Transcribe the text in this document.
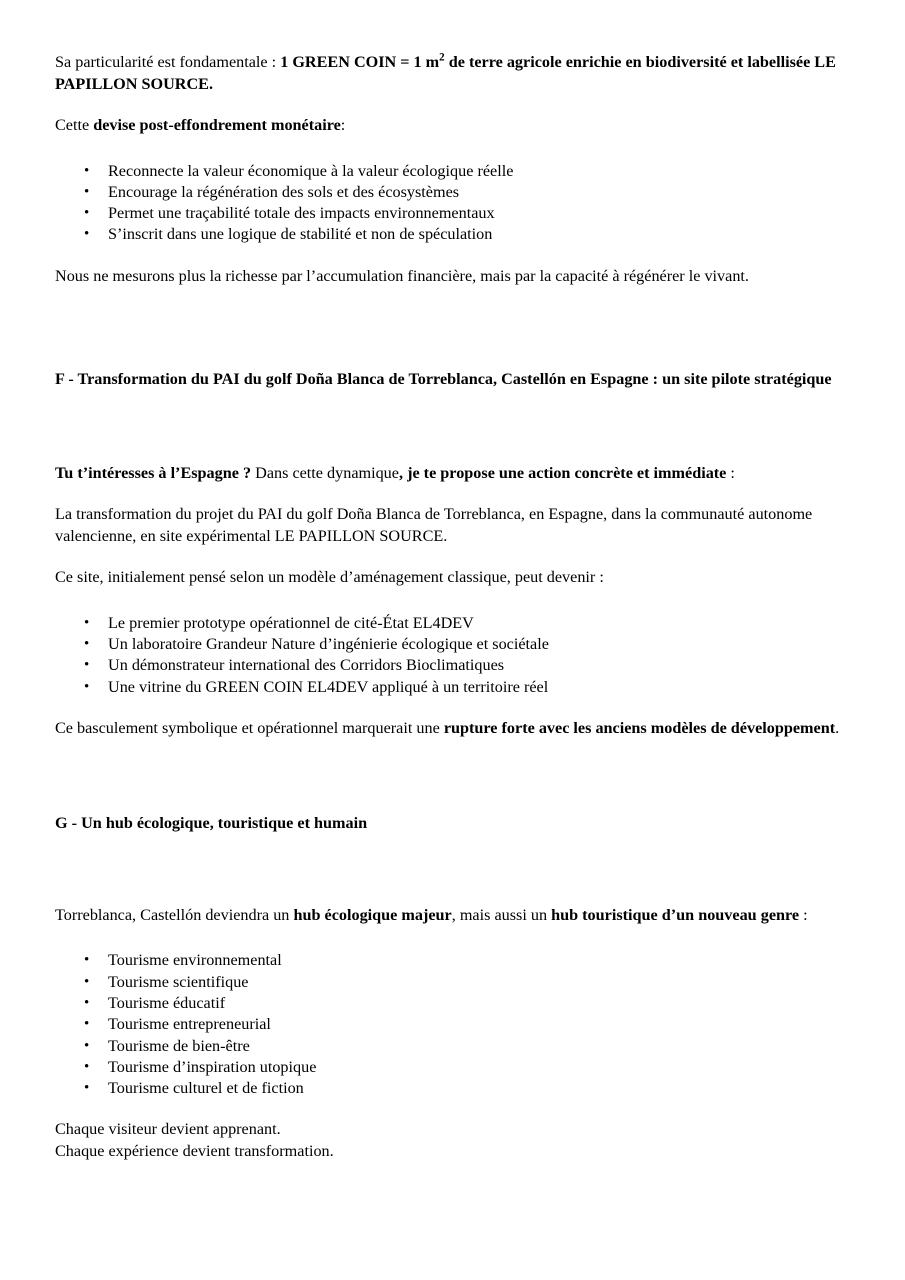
Sa particularité est fondamentale : 1 GREEN COIN = 1 $m^2$ de terre agricole enrichie en biodiversité et labellisée LE PAPILLON SOURCE.

Cette devise post-effondrement monétaire:

• Reconnecte la valeur économique à la valeur écologique réelle
• Encourage la régénération des sols et des écosystèmes
• Permet une traçabilité totale des impacts environnementaux
• S’inscrit dans une logique de stabilité et non de spéculation

Nous ne mesurons plus la richesse par l’accumulation financière, mais par la capacité à régénérer le vivant.

F - Transformation du PAI du golf Doña Blanca de Torreblanca, Castellón en Espagne : un site pilote stratégique

Tu t’intéresses à l’Espagne ? Dans cette dynamique, je te propose une action concrète et immédiate :

La transformation du projet du PAI du golf Doña Blanca de Torreblanca, en Espagne, dans la communauté autonome valencienne, en site expérimental LE PAPILLON SOURCE.

Ce site, initialement pensé selon un modèle d’aménagement classique, peut devenir :

• Le premier prototype opérationnel de cité-État EL4DEV
• Un laboratoire Grandeur Nature d’ingénierie écologique et sociétale
• Un démonstrateur international des Corridors Bioclimatiques
• Une vitrine du GREEN COIN EL4DEV appliqué à un territoire réel

Ce basculement symbolique et opérationnel marquerait une rupture forte avec les anciens modèles de développement.

G - Un hub écologique, touristique et humain

Torreblanca, Castellón deviendra un hub écologique majeur, mais aussi un hub touristique d’un nouveau genre :

• Tourisme environnemental
• Tourisme scientifique
• Tourisme éducatif
• Tourisme entrepreneurial
• Tourisme de bien-être
• Tourisme d’inspiration utopique
• Tourisme culturel et de fiction

Chaque visiteur devient apprenant.

Chaque expérience devient transformation.
